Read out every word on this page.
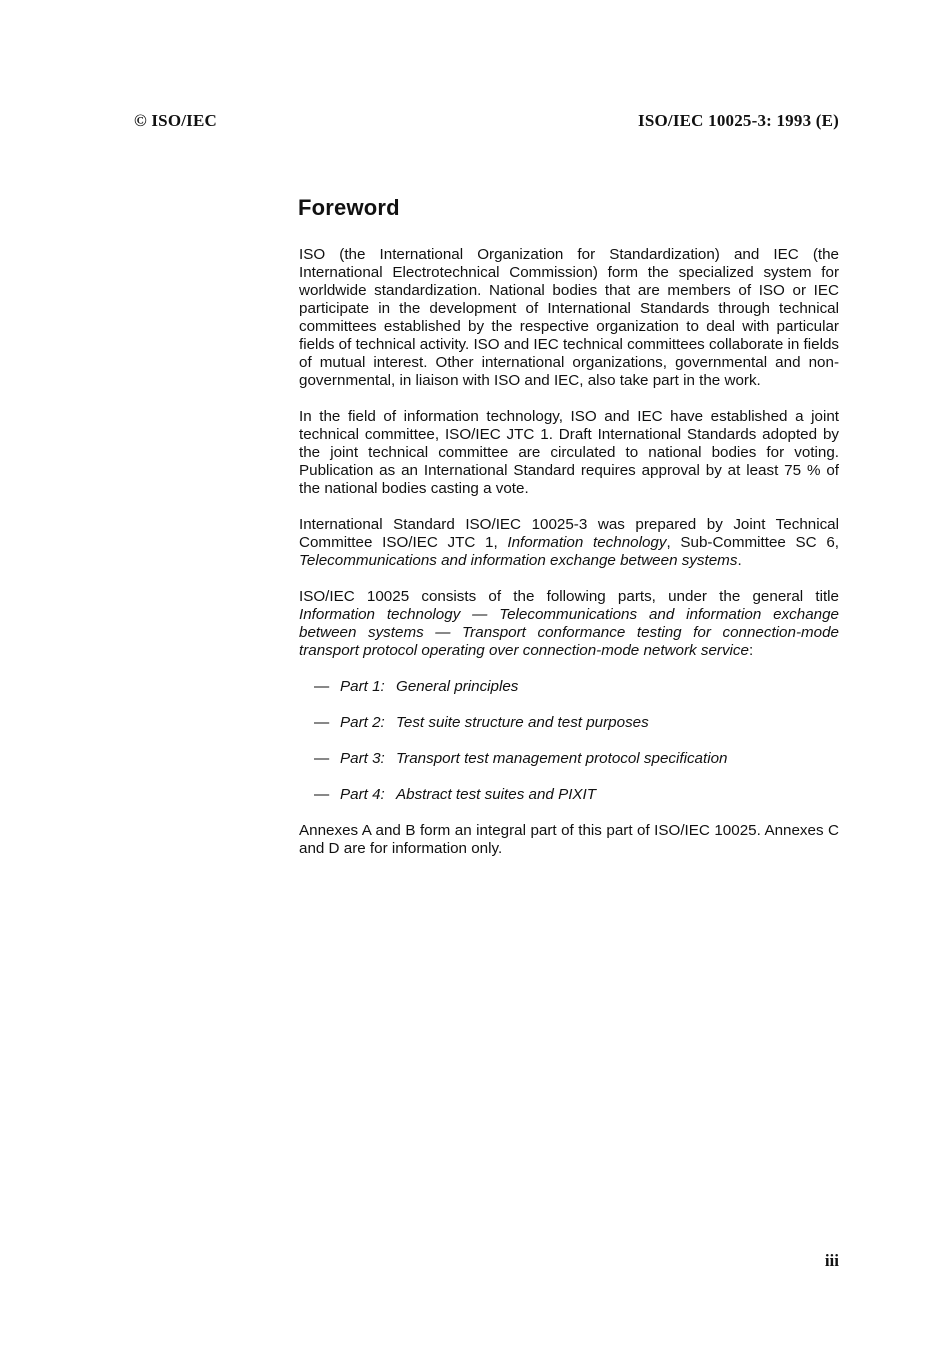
© ISO/IEC	ISO/IEC 10025-3: 1993 (E)
Foreword

ISO (the International Organization for Standardization) and IEC (the International Electrotechnical Commission) form the specialized system for worldwide standardization. National bodies that are members of ISO or IEC participate in the development of International Standards through technical committees established by the respective organization to deal with particular fields of technical activity. ISO and IEC technical committees collaborate in fields of mutual interest. Other international organizations, governmental and non-governmental, in liaison with ISO and IEC, also take part in the work.

In the field of information technology, ISO and IEC have established a joint technical committee, ISO/IEC JTC 1. Draft International Standards adopted by the joint technical committee are circulated to national bodies for voting. Publication as an International Standard requires approval by at least 75 % of the national bodies casting a vote.

International Standard ISO/IEC 10025-3 was prepared by Joint Technical Committee ISO/IEC JTC 1, Information technology, Sub-Committee SC 6, Telecommunications and information exchange between systems.

ISO/IEC 10025 consists of the following parts, under the general title Information technology — Telecommunications and information exchange between systems — Transport conformance testing for connection-mode transport protocol operating over connection-mode network service:

— Part 1: General principles
— Part 2: Test suite structure and test purposes
— Part 3: Transport test management protocol specification
— Part 4: Abstract test suites and PIXIT

Annexes A and B form an integral part of this part of ISO/IEC 10025. Annexes C and D are for information only.

iii
